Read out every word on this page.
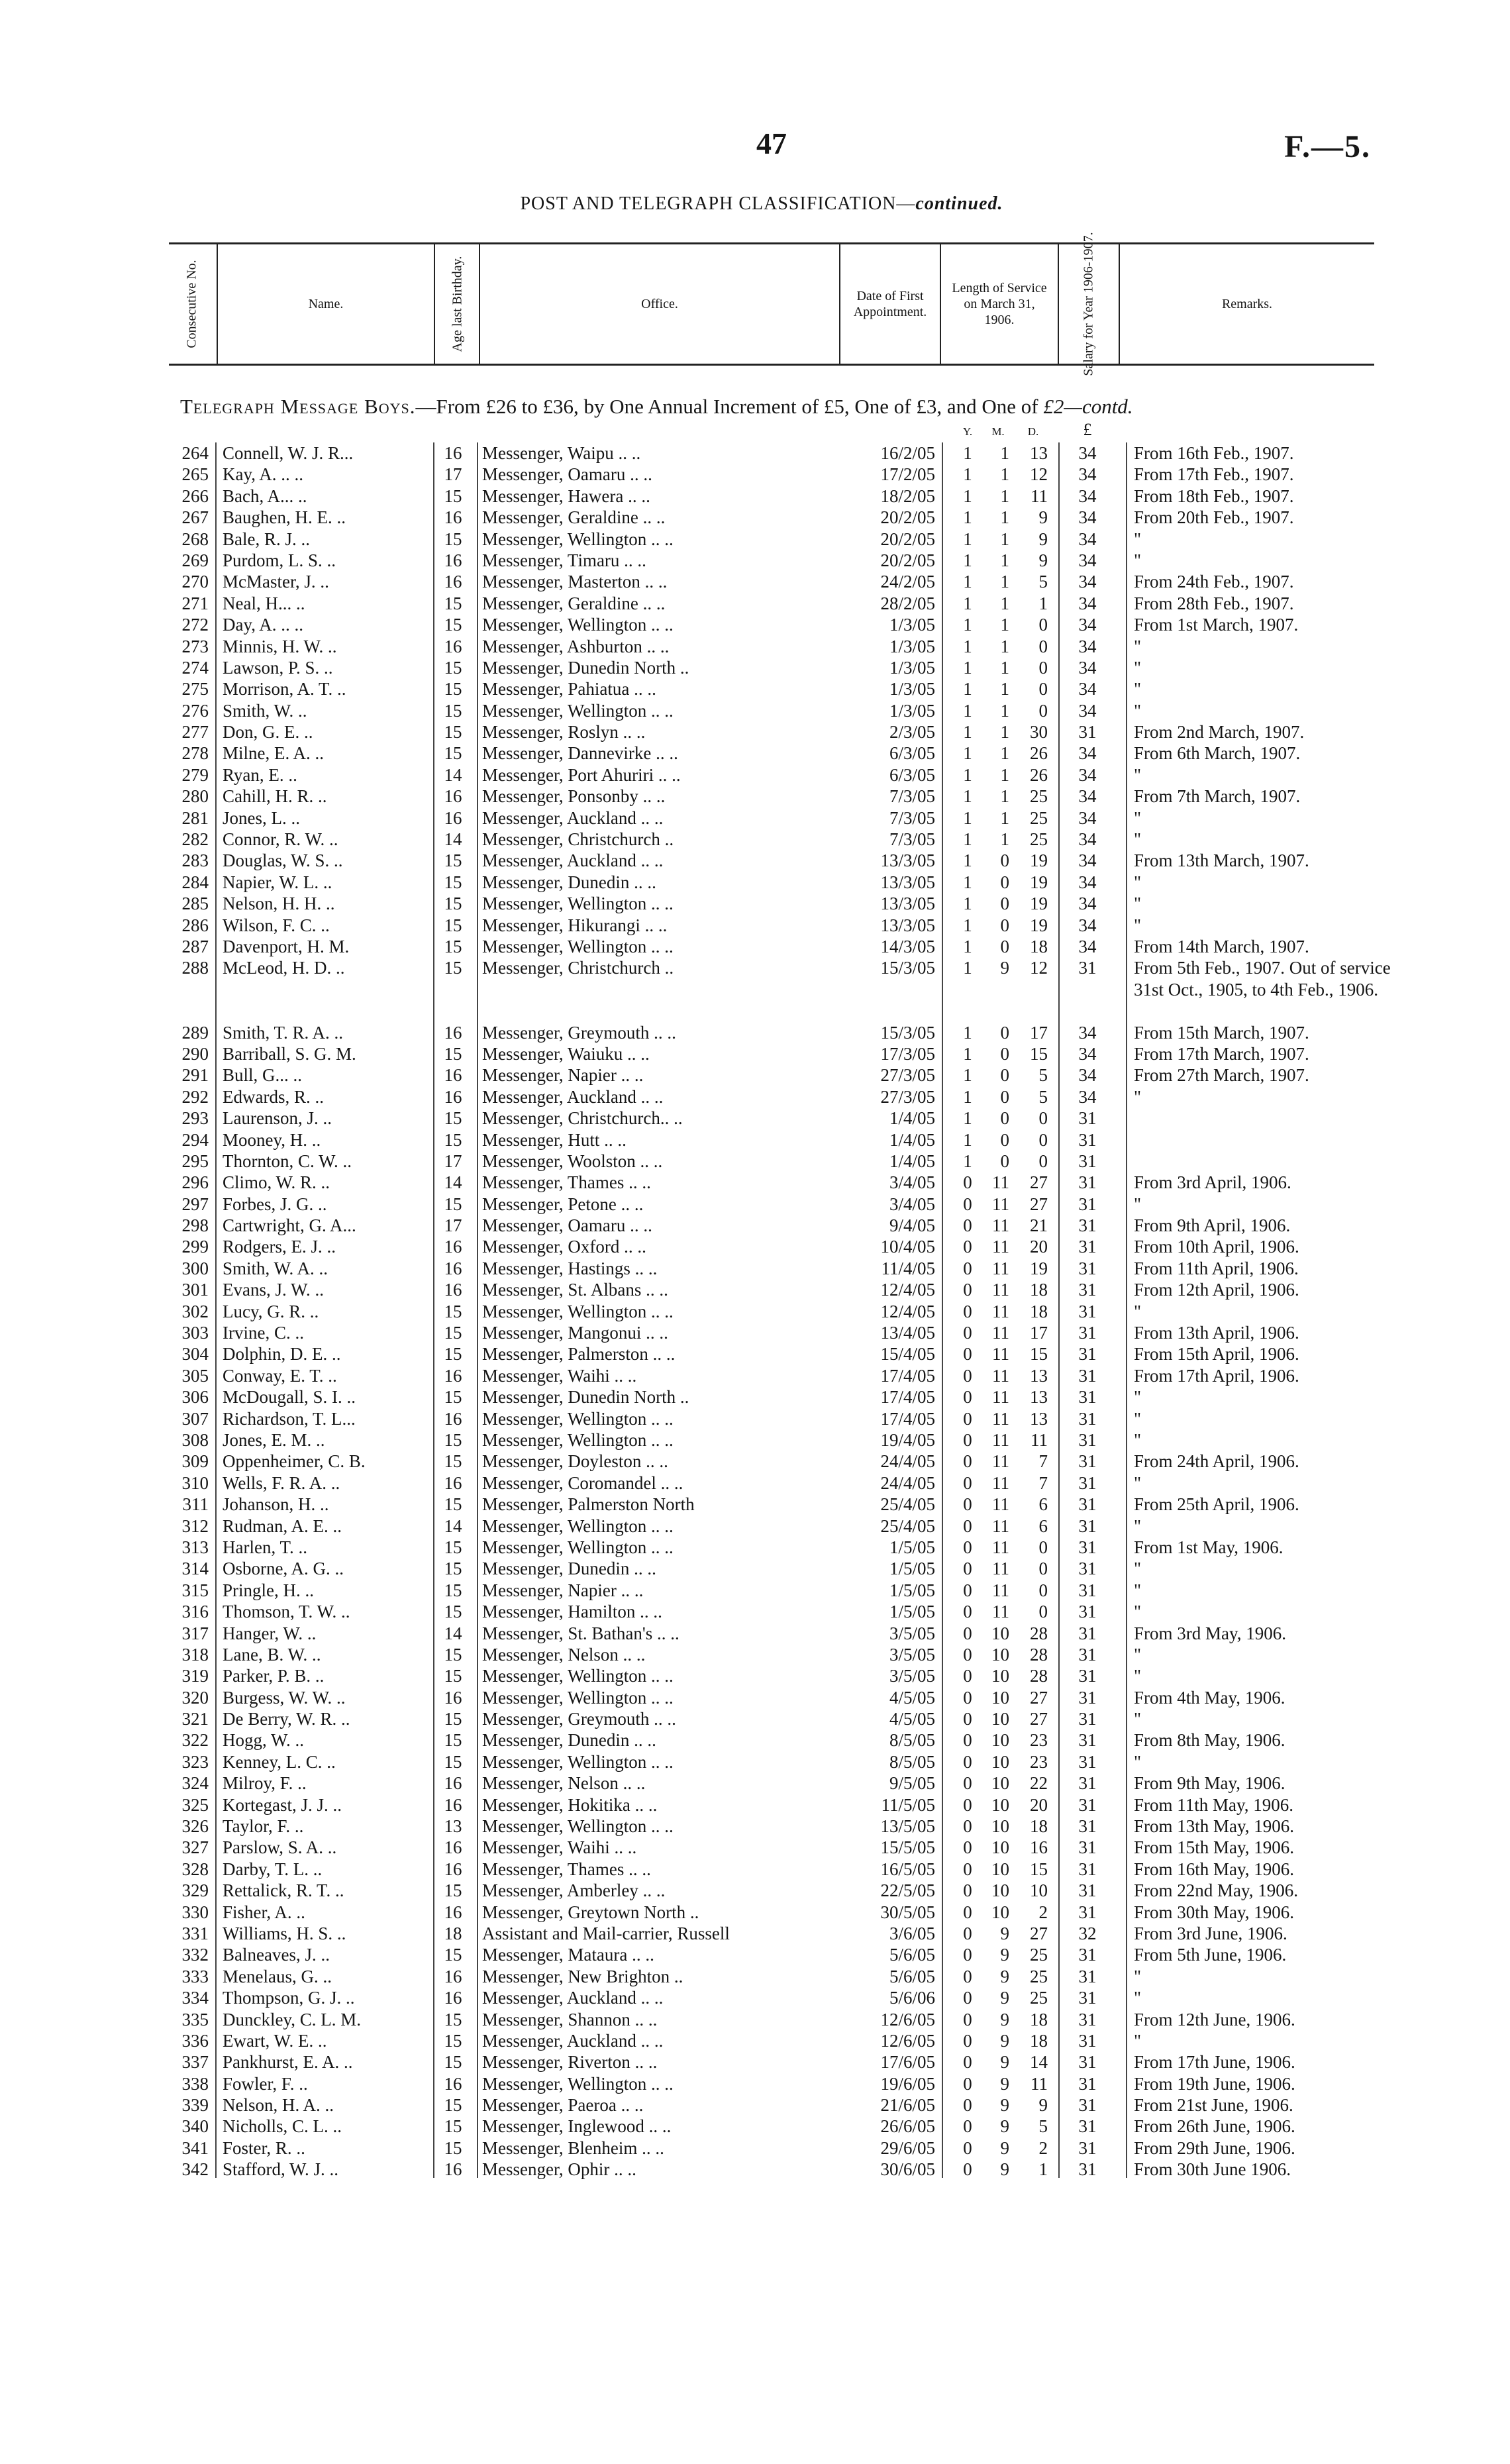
47	F.—5.
POST AND TELEGRAPH CLASSIFICATION—continued.
Consecutive No.	Name.	Age last Birthday.	Office.
Date of First Appointment.
Length of Service on March 31, 1906.	Salary for Year 1906-1907.	Remarks.
Telegraph Message Boys.—From £26 to £36, by One Annual Increment of £5, One of £3, and One of £2—contd.
Y.	M.	D.	£
264 Connell, W. J. R...	16	Messenger, Waipu .. ..	16/2/05	1	1	13	34	From 16th Feb., 1907.
265 Kay, A. .. ..	17	Messenger, Oamaru .. ..	17/2/05	1	1	12	34	From 17th Feb., 1907.
266 Bach, A... ..	15	Messenger, Hawera .. ..	18/2/05	1	1	11	34	From 18th Feb., 1907.
267 Baughen, H. E. ..	16	Messenger, Geraldine .. ..	20/2/05	1	1	9	34	From 20th Feb., 1907.
268 Bale, R. J. ..	15	Messenger, Wellington .. ..	20/2/05	1	1	9	34	"
269 Purdom, L. S. ..	16	Messenger, Timaru .. ..	20/2/05	1	1	9	34	"
270 McMaster, J. ..	16	Messenger, Masterton .. ..	24/2/05	1	1	5	34	From 24th Feb., 1907.
271 Neal, H... ..	15	Messenger, Geraldine .. ..	28/2/05	1	1	1	34	From 28th Feb., 1907.
272 Day, A. .. ..	15	Messenger, Wellington .. ..	1/3/05	1	1	0	34	From 1st March, 1907.
273 Minnis, H. W. ..	16	Messenger, Ashburton .. ..	1/3/05	1	1	0	34	"
274 Lawson, P. S. ..	15	Messenger, Dunedin North ..	1/3/05	1	1	0	34	"
275 Morrison, A. T. ..	15	Messenger, Pahiatua .. ..	1/3/05	1	1	0	34	"
276 Smith, W. ..	15	Messenger, Wellington .. ..	1/3/05	1	1	0	34	"
277 Don, G. E. ..	15	Messenger, Roslyn .. ..	2/3/05	1	1	30	31	From 2nd March, 1907.
278 Milne, E. A. ..	15	Messenger, Dannevirke .. ..	6/3/05	1	1	26	34	From 6th March, 1907.
279 Ryan, E. ..	14	Messenger, Port Ahuriri .. ..	6/3/05	1	1	26	34	"
280 Cahill, H. R. ..	16	Messenger, Ponsonby .. ..	7/3/05	1	1	25	34	From 7th March, 1907.
281 Jones, L. ..	16	Messenger, Auckland .. ..	7/3/05	1	1	25	34	"
282 Connor, R. W. ..	14	Messenger, Christchurch ..	7/3/05	1	1	25	34	"
283 Douglas, W. S. ..	15	Messenger, Auckland .. ..	13/3/05	1	0	19	34	From 13th March, 1907.
284 Napier, W. L. ..	15	Messenger, Dunedin .. ..	13/3/05	1	0	19	34	"
285 Nelson, H. H. ..	15	Messenger, Wellington .. ..	13/3/05	1	0	19	34	"
286 Wilson, F. C. ..	15	Messenger, Hikurangi .. ..	13/3/05	1	0	19	34	"
287 Davenport, H. M.	15	Messenger, Wellington .. ..	14/3/05	1	0	18	34	From 14th March, 1907.
288 McLeod, H. D. ..	15	Messenger, Christchurch ..	15/3/05	1	9	12	31	From 5th Feb., 1907. Out of service 31st Oct., 1905, to 4th Feb., 1906.
289 Smith, T. R. A. ..	16	Messenger, Greymouth .. ..	15/3/05	1	0	17	34	From 15th March, 1907.
290 Barriball, S. G. M.	15	Messenger, Waiuku .. ..	17/3/05	1	0	15	34	From 17th March, 1907.
291 Bull, G... ..	16	Messenger, Napier .. ..	27/3/05	1	0	5	34	From 27th March, 1907.
292 Edwards, R. ..	16	Messenger, Auckland .. ..	27/3/05	1	0	5	34	"
293 Laurenson, J. ..	15	Messenger, Christchurch.. ..	1/4/05	1	0	0	31
294 Mooney, H. ..	15	Messenger, Hutt .. ..	1/4/05	1	0	0	31
295 Thornton, C. W. ..	17	Messenger, Woolston .. ..	1/4/05	1	0	0	31
296 Climo, W. R. ..	14	Messenger, Thames .. ..	3/4/05	0	11	27	31	From 3rd April, 1906.
297 Forbes, J. G. ..	15	Messenger, Petone .. ..	3/4/05	0	11	27	31	"
298 Cartwright, G. A...	17	Messenger, Oamaru .. ..	9/4/05	0	11	21	31	From 9th April, 1906.
299 Rodgers, E. J. ..	16	Messenger, Oxford .. ..	10/4/05	0	11	20	31	From 10th April, 1906.
300 Smith, W. A. ..	16	Messenger, Hastings .. ..	11/4/05	0	11	19	31	From 11th April, 1906.
301 Evans, J. W. ..	16	Messenger, St. Albans .. ..	12/4/05	0	11	18	31	From 12th April, 1906.
302 Lucy, G. R. ..	15	Messenger, Wellington .. ..	12/4/05	0	11	18	31	"
303 Irvine, C. ..	15	Messenger, Mangonui .. ..	13/4/05	0	11	17	31	From 13th April, 1906.
304 Dolphin, D. E. ..	15	Messenger, Palmerston .. ..	15/4/05	0	11	15	31	From 15th April, 1906.
305 Conway, E. T. ..	16	Messenger, Waihi .. ..	17/4/05	0	11	13	31	From 17th April, 1906.
306 McDougall, S. I. ..	15	Messenger, Dunedin North ..	17/4/05	0	11	13	31	"
307 Richardson, T. L...	16	Messenger, Wellington .. ..	17/4/05	0	11	13	31	"
308 Jones, E. M. ..	15	Messenger, Wellington .. ..	19/4/05	0	11	11	31	"
309 Oppenheimer, C. B.	15	Messenger, Doyleston .. ..	24/4/05	0	11	7	31	From 24th April, 1906.
310 Wells, F. R. A. ..	16	Messenger, Coromandel .. ..	24/4/05	0	11	7	31	"
311 Johanson, H. ..	15	Messenger, Palmerston North	25/4/05	0	11	6	31	From 25th April, 1906.
312 Rudman, A. E. ..	14	Messenger, Wellington .. ..	25/4/05	0	11	6	31	"
313 Harlen, T. ..	15	Messenger, Wellington .. ..	1/5/05	0	11	0	31	From 1st May, 1906.
314 Osborne, A. G. ..	15	Messenger, Dunedin .. ..	1/5/05	0	11	0	31	"
315 Pringle, H. ..	15	Messenger, Napier .. ..	1/5/05	0	11	0	31	"
316 Thomson, T. W. ..	15	Messenger, Hamilton .. ..	1/5/05	0	11	0	31	"
317 Hanger, W. ..	14	Messenger, St. Bathan's .. ..	3/5/05	0	10	28	31	From 3rd May, 1906.
318 Lane, B. W. ..	15	Messenger, Nelson .. ..	3/5/05	0	10	28	31	"
319 Parker, P. B. ..	15	Messenger, Wellington .. ..	3/5/05	0	10	28	31	"
320 Burgess, W. W. ..	16	Messenger, Wellington .. ..	4/5/05	0	10	27	31	From 4th May, 1906.
321 De Berry, W. R. ..	15	Messenger, Greymouth .. ..	4/5/05	0	10	27	31	"
322 Hogg, W. ..	15	Messenger, Dunedin .. ..	8/5/05	0	10	23	31	From 8th May, 1906.
323 Kenney, L. C. ..	15	Messenger, Wellington .. ..	8/5/05	0	10	23	31	"
324 Milroy, F. ..	16	Messenger, Nelson .. ..	9/5/05	0	10	22	31	From 9th May, 1906.
325 Kortegast, J. J. ..	16	Messenger, Hokitika .. ..	11/5/05	0	10	20	31	From 11th May, 1906.
326 Taylor, F. ..	13	Messenger, Wellington .. ..	13/5/05	0	10	18	31	From 13th May, 1906.
327 Parslow, S. A. ..	16	Messenger, Waihi .. ..	15/5/05	0	10	16	31	From 15th May, 1906.
328 Darby, T. L. ..	16	Messenger, Thames .. ..	16/5/05	0	10	15	31	From 16th May, 1906.
329 Rettalick, R. T. ..	15	Messenger, Amberley .. ..	22/5/05	0	10	10	31	From 22nd May, 1906.
330 Fisher, A. ..	16	Messenger, Greytown North ..	30/5/05	0	10	2	31	From 30th May, 1906.
331 Williams, H. S. ..	18	Assistant and Mail-carrier, Russell	3/6/05	0	9	27	32	From 3rd June, 1906.
332 Balneaves, J. ..	15	Messenger, Mataura .. ..	5/6/05	0	9	25	31	From 5th June, 1906.
333 Menelaus, G. ..	16	Messenger, New Brighton ..	5/6/05	0	9	25	31	"
334 Thompson, G. J. ..	16	Messenger, Auckland .. ..	5/6/06	0	9	25	31	"
335 Dunckley, C. L. M.	15	Messenger, Shannon .. ..	12/6/05	0	9	18	31	From 12th June, 1906.
336 Ewart, W. E. ..	15	Messenger, Auckland .. ..	12/6/05	0	9	18	31	"
337 Pankhurst, E. A. ..	15	Messenger, Riverton .. ..	17/6/05	0	9	14	31	From 17th June, 1906.
338 Fowler, F. ..	16	Messenger, Wellington .. ..	19/6/05	0	9	11	31	From 19th June, 1906.
339 Nelson, H. A. ..	15	Messenger, Paeroa .. ..	21/6/05	0	9	9	31	From 21st June, 1906.
340 Nicholls, C. L. ..	15	Messenger, Inglewood .. ..	26/6/05	0	9	5	31	From 26th June, 1906.
341 Foster, R. ..	15	Messenger, Blenheim .. ..	29/6/05	0	9	2	31	From 29th June, 1906.
342 Stafford, W. J. ..	16	Messenger, Ophir .. ..	30/6/05	0	9	1	31	From 30th June 1906.
